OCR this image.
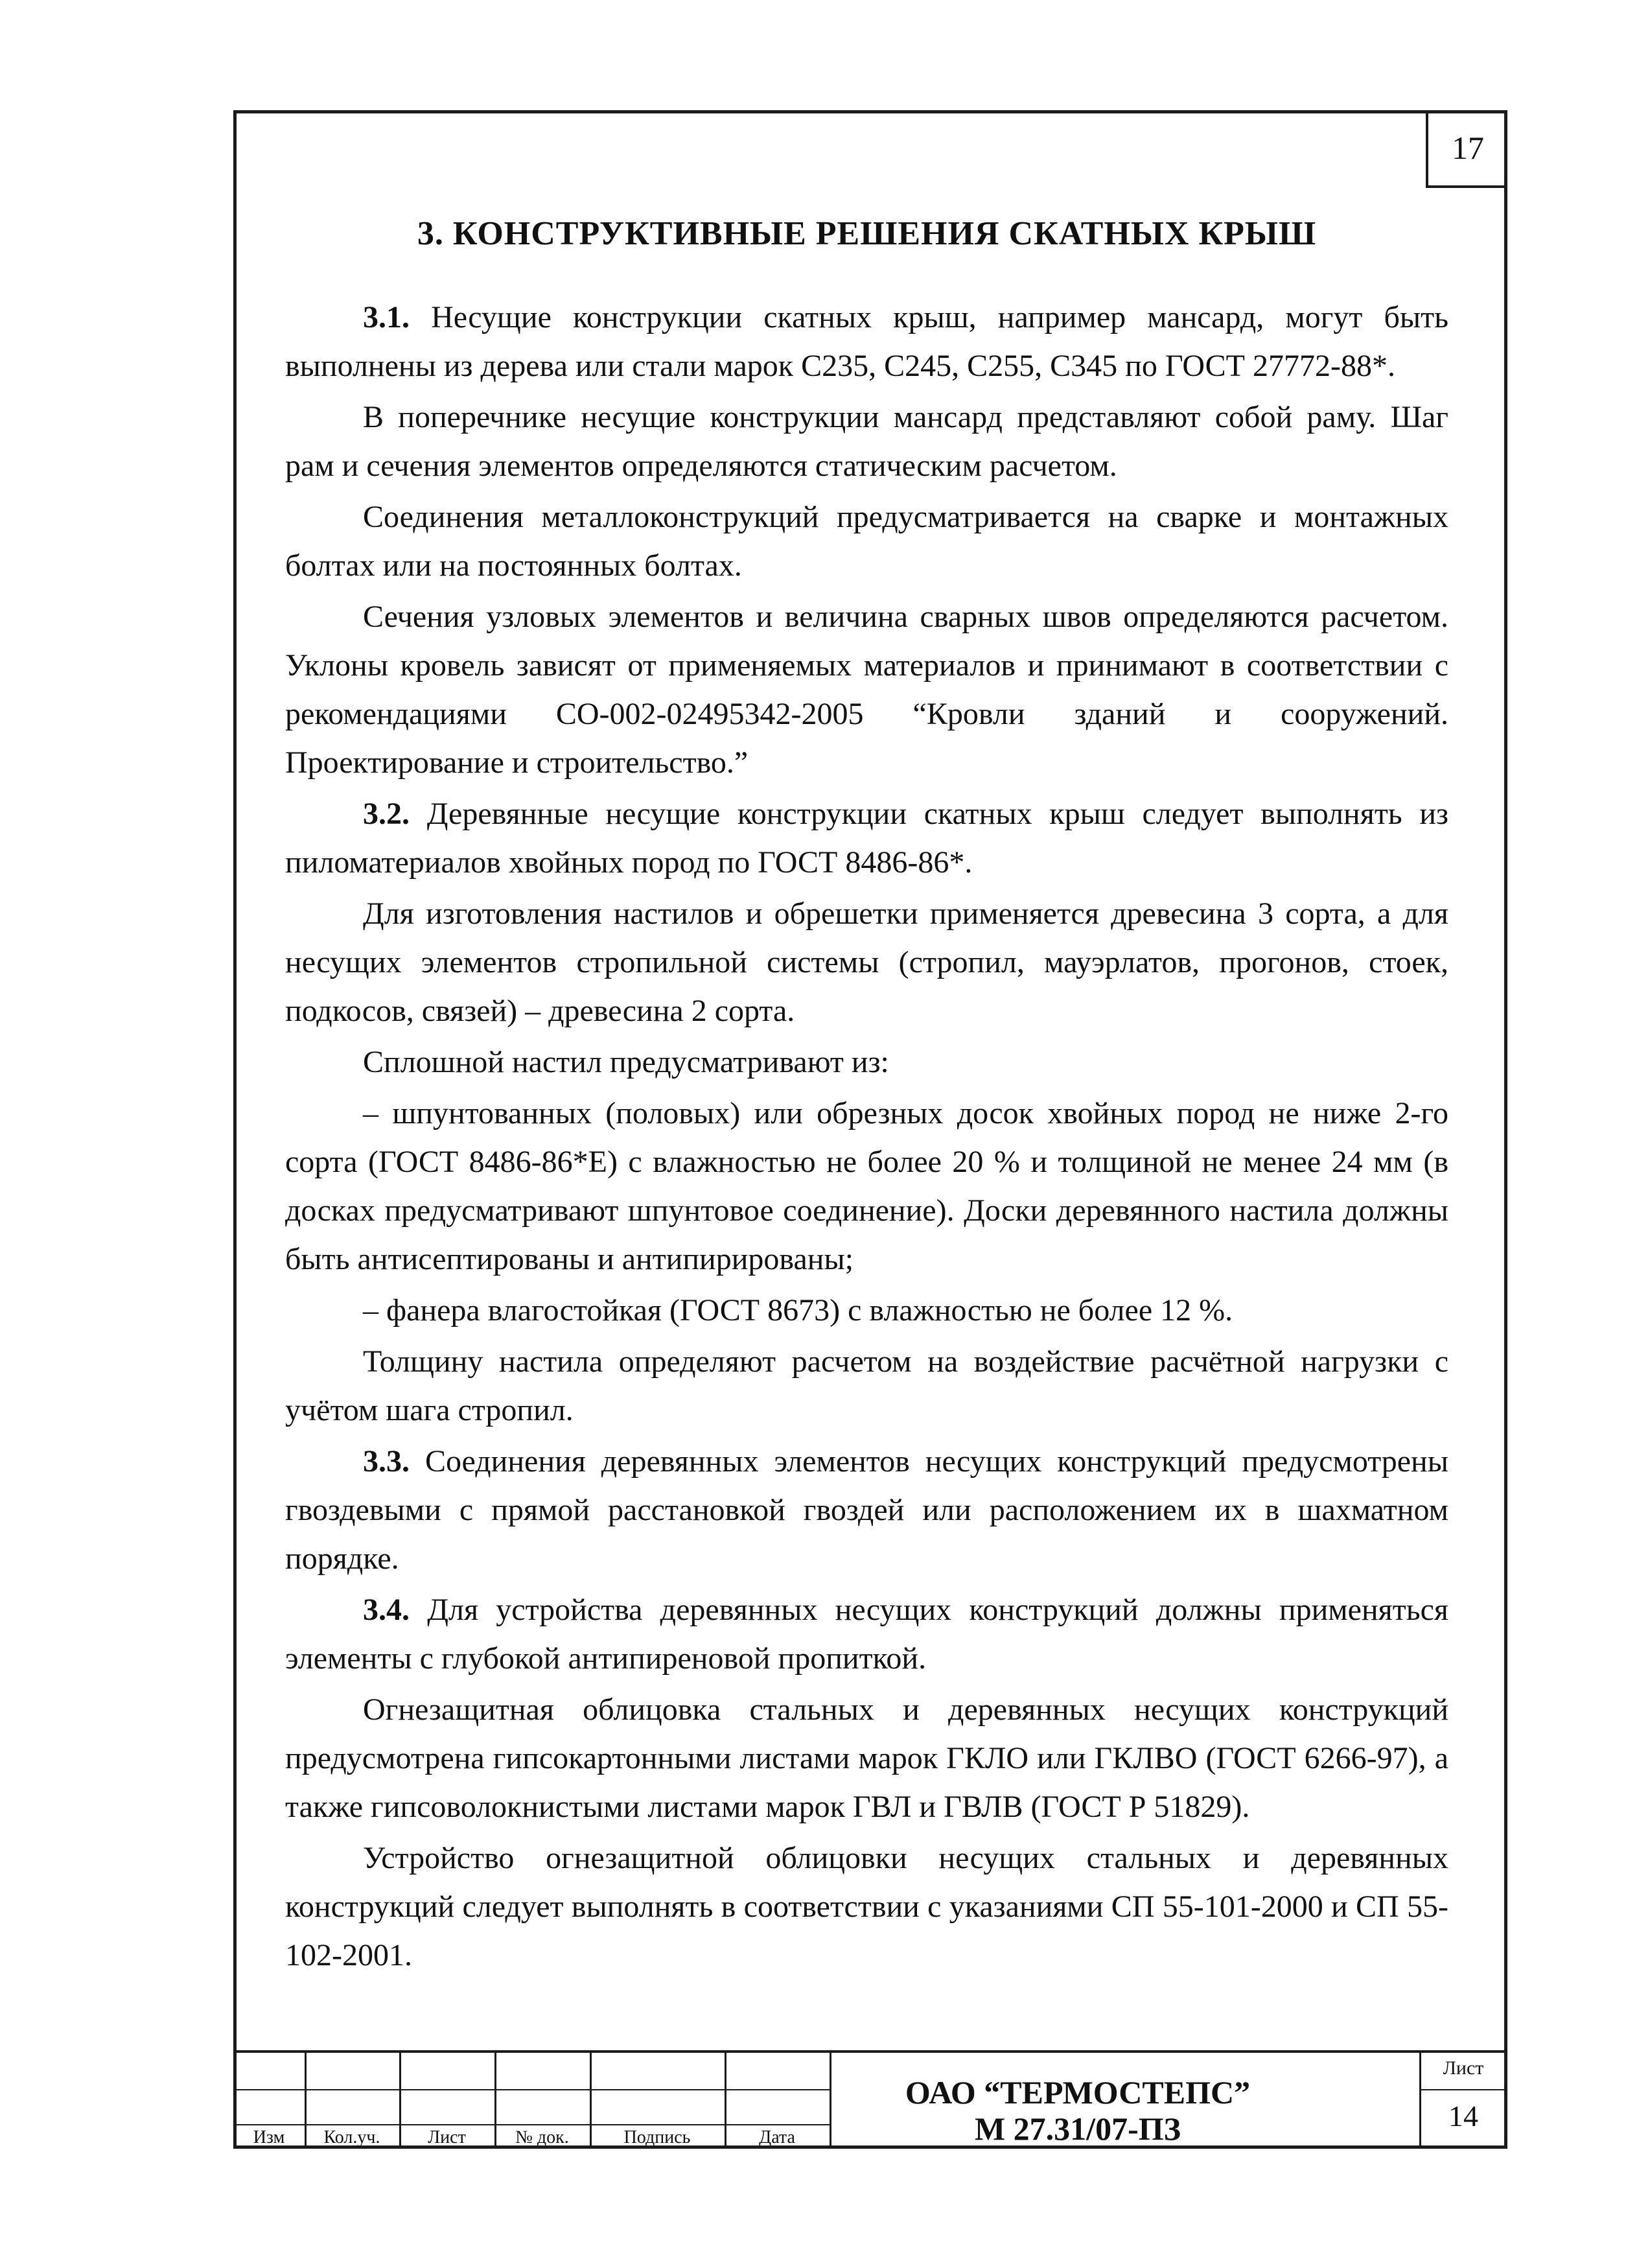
17
3. КОНСТРУКТИВНЫЕ РЕШЕНИЯ СКАТНЫХ КРЫШ

3.1. Несущие конструкции скатных крыш, например мансард, могут быть выполнены из дерева или стали марок С235, С245, С255, С345 по ГОСТ 27772-88*.

В поперечнике несущие конструкции мансард представляют собой раму. Шаг рам и сечения элементов определяются статическим расчетом.

Соединения металлоконструкций предусматривается на сварке и монтажных болтах или на постоянных болтах.

Сечения узловых элементов и величина сварных швов определяются расчетом. Уклоны кровель зависят от применяемых материалов и принимают в соответствии с рекомендациями СО-002-02495342-2005 “Кровли зданий и сооружений. Проектирование и строительство.”

3.2. Деревянные несущие конструкции скатных крыш следует выполнять из пиломатериалов хвойных пород по ГОСТ 8486-86*.

Для изготовления настилов и обрешетки применяется древесина 3 сорта, а для несущих элементов стропильной системы (стропил, мауэрлатов, прогонов, стоек, подкосов, связей) – древесина 2 сорта.

Сплошной настил предусматривают из:

– шпунтованных (половых) или обрезных досок хвойных пород не ниже 2-го сорта (ГОСТ 8486-86*Е) с влажностью не более 20 % и толщиной не менее 24 мм (в досках предусматривают шпунтовое соединение). Доски деревянного настила должны быть антисептированы и антипирированы;

– фанера влагостойкая (ГОСТ 8673) с влажностью не более 12 %.

Толщину настила определяют расчетом на воздействие расчётной нагрузки с учётом шага стропил.

3.3. Соединения деревянных элементов несущих конструкций предусмотрены гвоздевыми с прямой расстановкой гвоздей или расположением их в шахматном порядке.

3.4. Для устройства деревянных несущих конструкций должны применяться элементы с глубокой антипиреновой пропиткой.

Огнезащитная облицовка стальных и деревянных несущих конструкций предусмотрена гипсокартонными листами марок ГКЛО или ГКЛВО (ГОСТ 6266-97), а также гипсоволокнистыми листами марок ГВЛ и ГВЛВ (ГОСТ Р 51829).

Устройство огнезащитной облицовки несущих стальных и деревянных конструкций следует выполнять в соответствии с указаниями СП 55-101-2000 и СП 55-102-2001.

Изм	Кол.уч.	Лист	№ док.	Подпись	Дата
ОАО “ТЕРМОСТЕПС”
М 27.31/07-ПЗ
Лист
14
